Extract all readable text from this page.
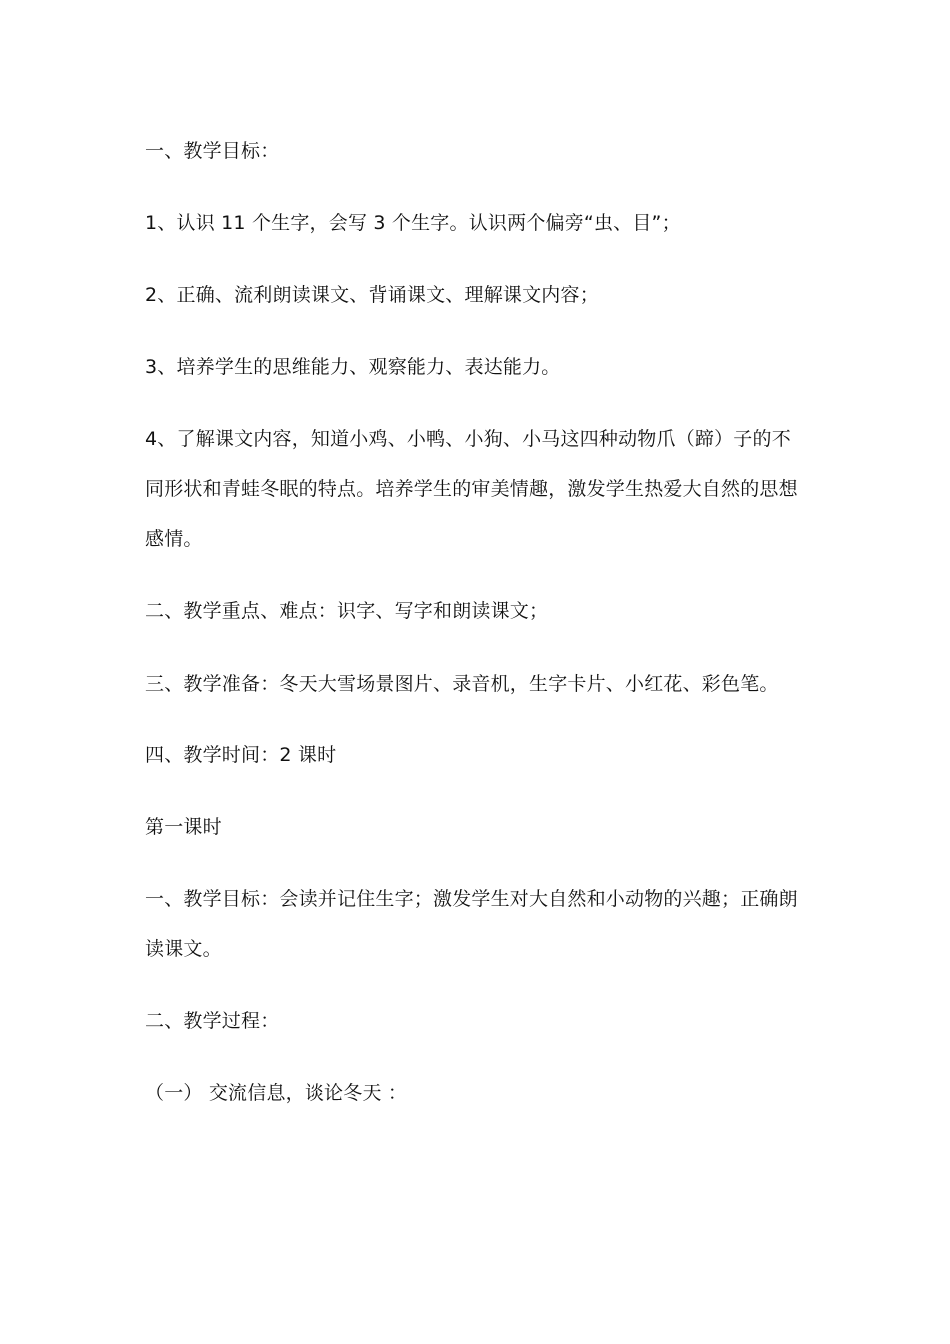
一、教学目标：

1、认识 11 个生字，会写 3 个生字。认识两个偏旁“虫、目”；

2、正确、流利朗读课文、背诵课文、理解课文内容；

3、培养学生的思维能力、观察能力、表达能力。

4、了解课文内容，知道小鸡、小鸭、小狗、小马这四种动物爪（蹄）子的不同形状和青蛙冬眠的特点。培养学生的审美情趣，激发学生热爱大自然的思想感情。

二、教学重点、难点：识字、写字和朗读课文；

三、教学准备：冬天大雪场景图片、录音机，生字卡片、小红花、彩色笔。

四、教学时间：2 课时

第一课时

一、教学目标：会读并记住生字；激发学生对大自然和小动物的兴趣；正确朗读课文。

二、教学过程：

（一） 交流信息，谈论冬天 ：
